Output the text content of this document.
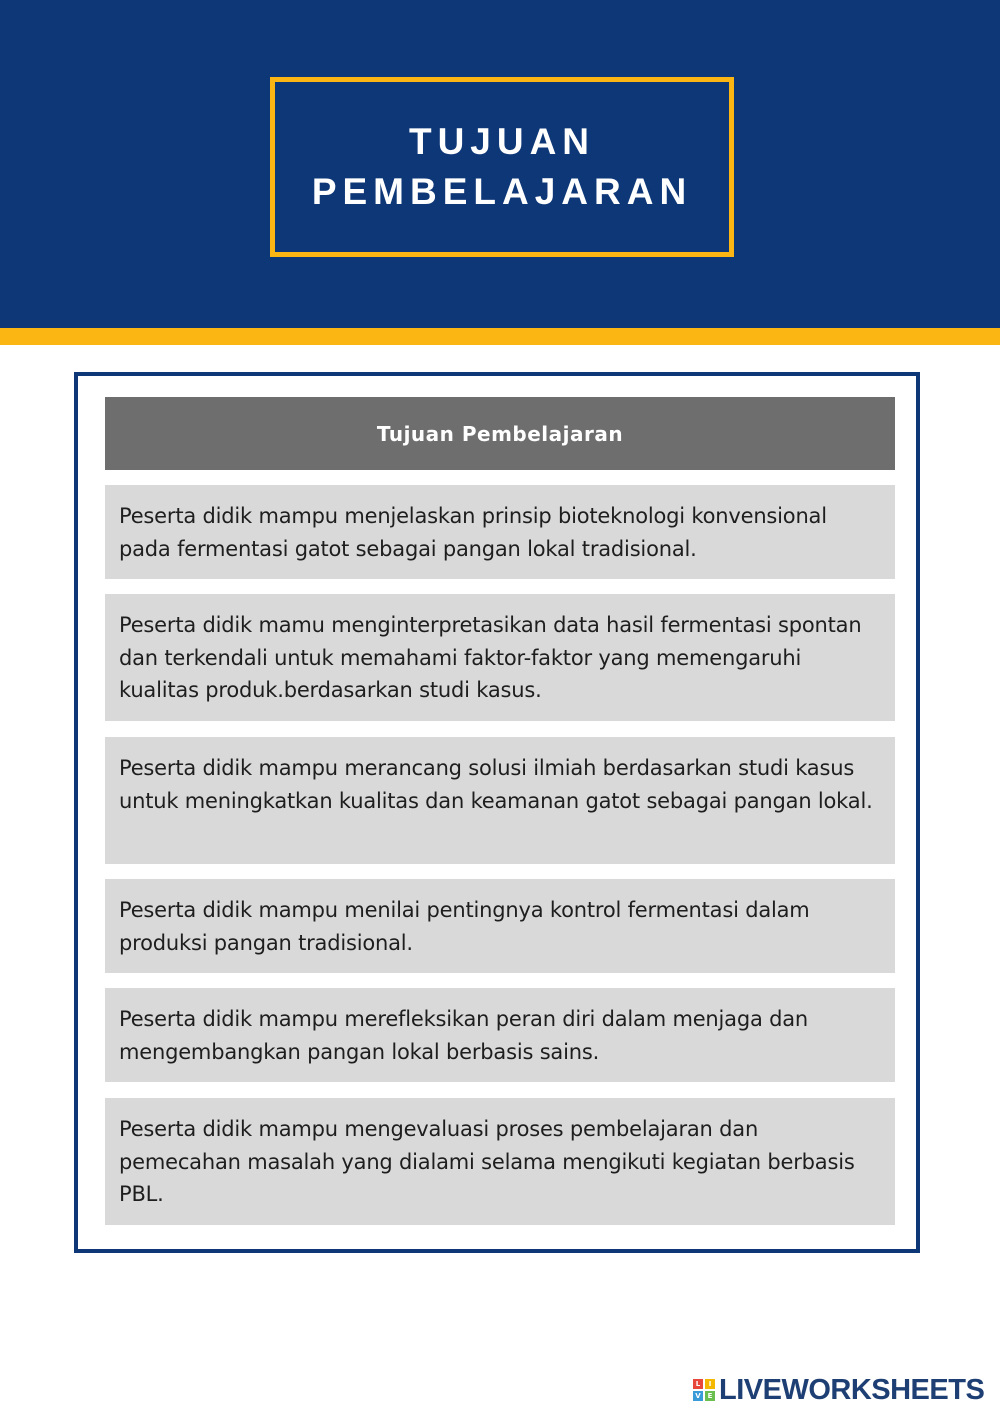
TUJUAN
PEMBELAJARAN
Tujuan Pembelajaran
Peserta didik mampu menjelaskan prinsip bioteknologi konvensional pada fermentasi gatot sebagai pangan lokal tradisional.
Peserta didik mamu menginterpretasikan data hasil fermentasi spontan dan terkendali untuk memahami faktor-faktor yang memengaruhi kualitas produk.berdasarkan studi kasus.
Peserta didik mampu merancang solusi ilmiah berdasarkan studi kasus untuk meningkatkan kualitas dan keamanan gatot sebagai pangan lokal.
Peserta didik mampu menilai pentingnya kontrol fermentasi dalam produksi pangan tradisional.
Peserta didik mampu merefleksikan peran diri dalam menjaga dan mengembangkan pangan lokal berbasis sains.
Peserta didik mampu mengevaluasi proses pembelajaran dan pemecahan masalah yang dialami selama mengikuti kegiatan berbasis PBL.
L	I
V E LIVEWORKSHEETS
